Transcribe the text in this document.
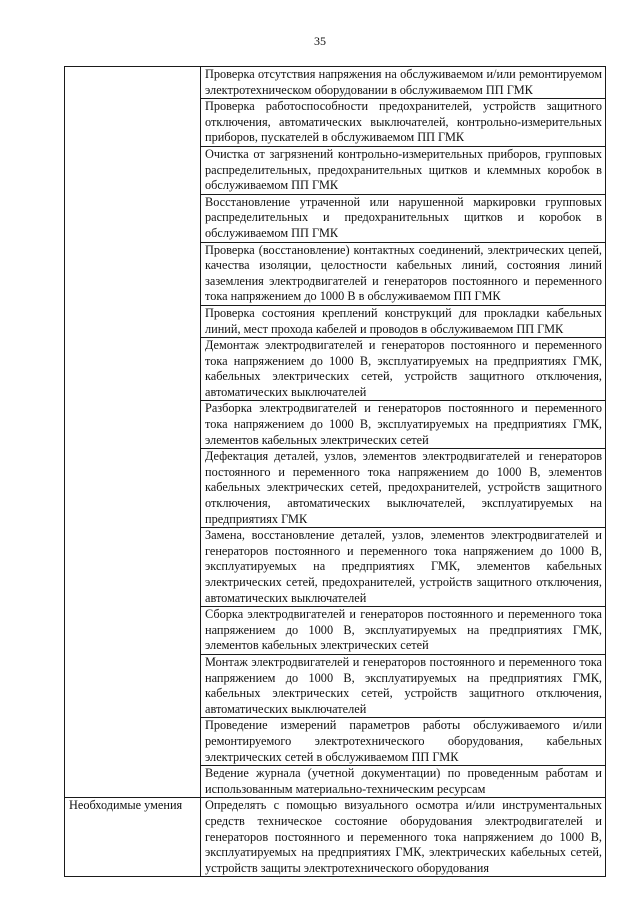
35
	Проверка отсутствия напряжения на обслуживаемом и/или ремонтируемом электротехническом оборудовании в обслуживаемом ПП ГМК
	Проверка работоспособности предохранителей, устройств защитного отключения, автоматических выключателей, контрольно-измерительных приборов, пускателей в обслуживаемом ПП ГМК
	Очистка от загрязнений контрольно-измерительных приборов, групповых распределительных, предохранительных щитков и клеммных коробок в обслуживаемом ПП ГМК
	Восстановление утраченной или нарушенной маркировки групповых распределительных и предохранительных щитков и коробок в обслуживаемом ПП ГМК
	Проверка (восстановление) контактных соединений, электрических цепей, качества изоляции, целостности кабельных линий, состояния линий заземления электродвигателей и генераторов постоянного и переменного тока напряжением до 1000 В в обслуживаемом ПП ГМК
	Проверка состояния креплений конструкций для прокладки кабельных линий, мест прохода кабелей и проводов в обслуживаемом ПП ГМК
	Демонтаж электродвигателей и генераторов постоянного и переменного тока напряжением до 1000 В, эксплуатируемых на предприятиях ГМК, кабельных электрических сетей, устройств защитного отключения, автоматических выключателей
	Разборка электродвигателей и генераторов постоянного и переменного тока напряжением до 1000 В, эксплуатируемых на предприятиях ГМК, элементов кабельных электрических сетей
	Дефектация деталей, узлов, элементов электродвигателей и генераторов постоянного и переменного тока напряжением до 1000 В, элементов кабельных электрических сетей, предохранителей, устройств защитного отключения, автоматических выключателей, эксплуатируемых на предприятиях ГМК
	Замена, восстановление деталей, узлов, элементов электродвигателей и генераторов постоянного и переменного тока напряжением до 1000 В, эксплуатируемых на предприятиях ГМК, элементов кабельных электрических сетей, предохранителей, устройств защитного отключения, автоматических выключателей
	Сборка электродвигателей и генераторов постоянного и переменного тока напряжением до 1000 В, эксплуатируемых на предприятиях ГМК, элементов кабельных электрических сетей
	Монтаж электродвигателей и генераторов постоянного и переменного тока напряжением до 1000 В, эксплуатируемых на предприятиях ГМК, кабельных электрических сетей, устройств защитного отключения, автоматических выключателей
	Проведение измерений параметров работы обслуживаемого и/или ремонтируемого электротехнического оборудования, кабельных электрических сетей в обслуживаемом ПП ГМК
	Ведение журнала (учетной документации) по проведенным работам и использованным материально-техническим ресурсам
Необходимые умения	Определять с помощью визуального осмотра и/или инструментальных средств техническое состояние оборудования электродвигателей и генераторов постоянного и переменного тока напряжением до 1000 В, эксплуатируемых на предприятиях ГМК, электрических кабельных сетей, устройств защиты электротехнического оборудования
